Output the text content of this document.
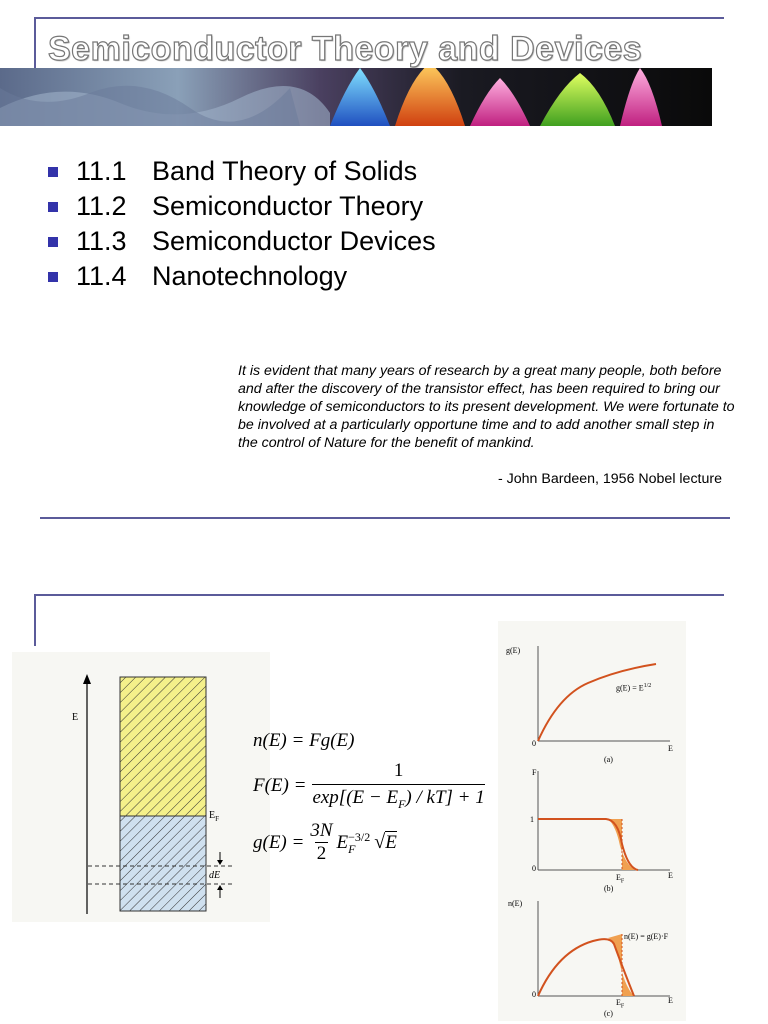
Semiconductor Theory and Devices
11.1 Band Theory of Solids
11.2 Semiconductor Theory
11.3 Semiconductor Devices
11.4 Nanotechnology
It is evident that many years of research by a great many people, both before and after the discovery of the transistor effect, has been required to bring our knowledge of semiconductors to its present development. We were fortunate to be involved at a particularly opportune time and to add another small step in the control of Nature for the benefit of mankind.
- John Bardeen, 1956 Nobel lecture
E
$E_F$
dE
n(E) = Fg(E)
$F(E) = \frac{1}{\exp[(E - E_F) / kT] + 1}$
$g(E) = \frac{3N}{2}$ E −3/2
F √ E
g(E)
0
E
$g(E) = E^{1/2}$
(a)
F
1
0
$E_F$
E
(b)
n(E)
n(E) = g(E)·F
0
$E_F$
E
(c)
